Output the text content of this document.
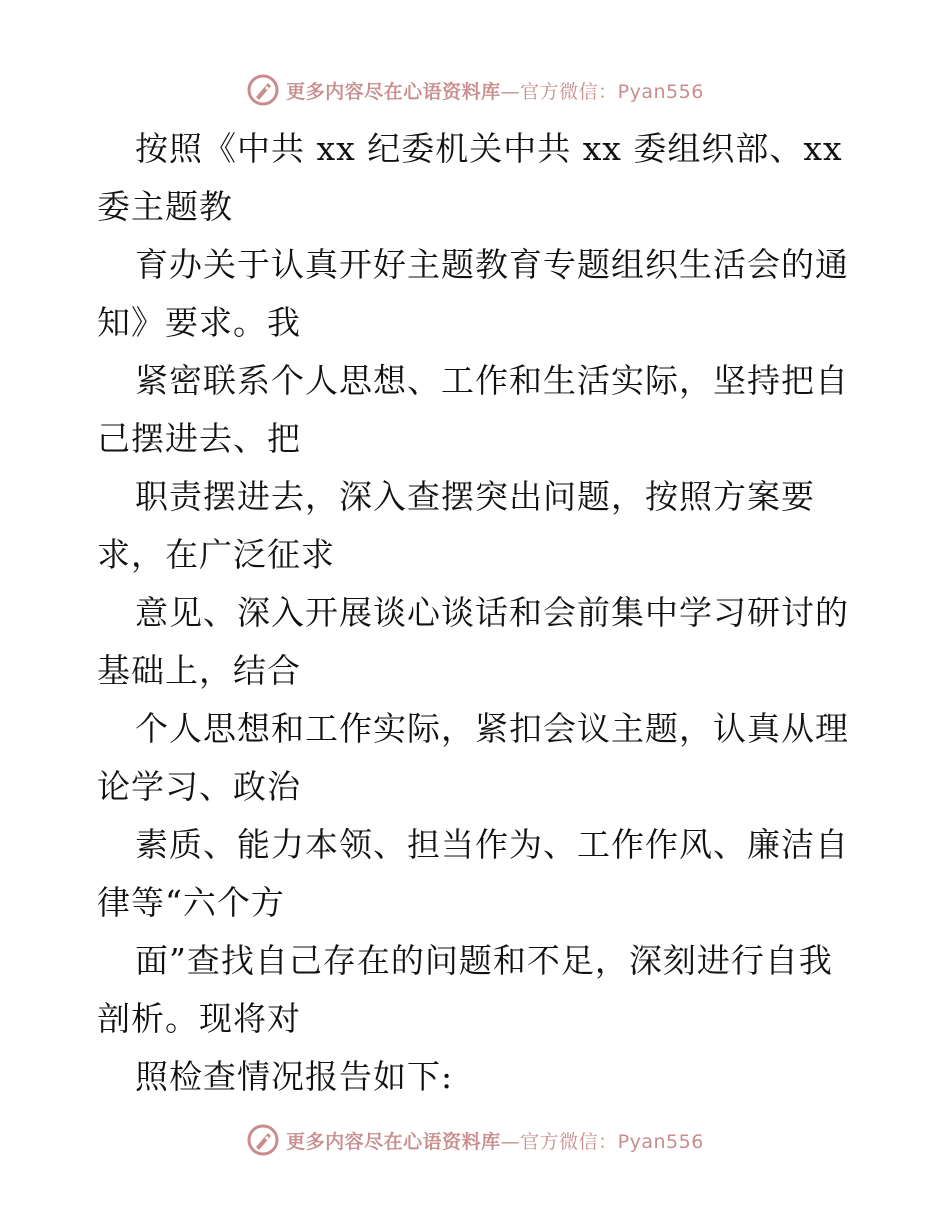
更多内容尽在心语资料库—官方微信：Pyan556

按照《中共 xx 纪委机关中共 xx 委组织部、xx

委主题教

育办关于认真开好主题教育专题组织生活会的通

知》要求。我

紧密联系个人思想、工作和生活实际，坚持把自

己摆进去、把

职责摆进去，深入查摆突出问题，按照方案要

求，在广泛征求

意见、深入开展谈心谈话和会前集中学习研讨的

基础上，结合

个人思想和工作实际，紧扣会议主题，认真从理

论学习、政治

素质、能力本领、担当作为、工作作风、廉洁自

律等“六个方

面”查找自己存在的问题和不足，深刻进行自我

剖析。现将对

照检查情况报告如下:

更多内容尽在心语资料库—官方微信：Pyan556
